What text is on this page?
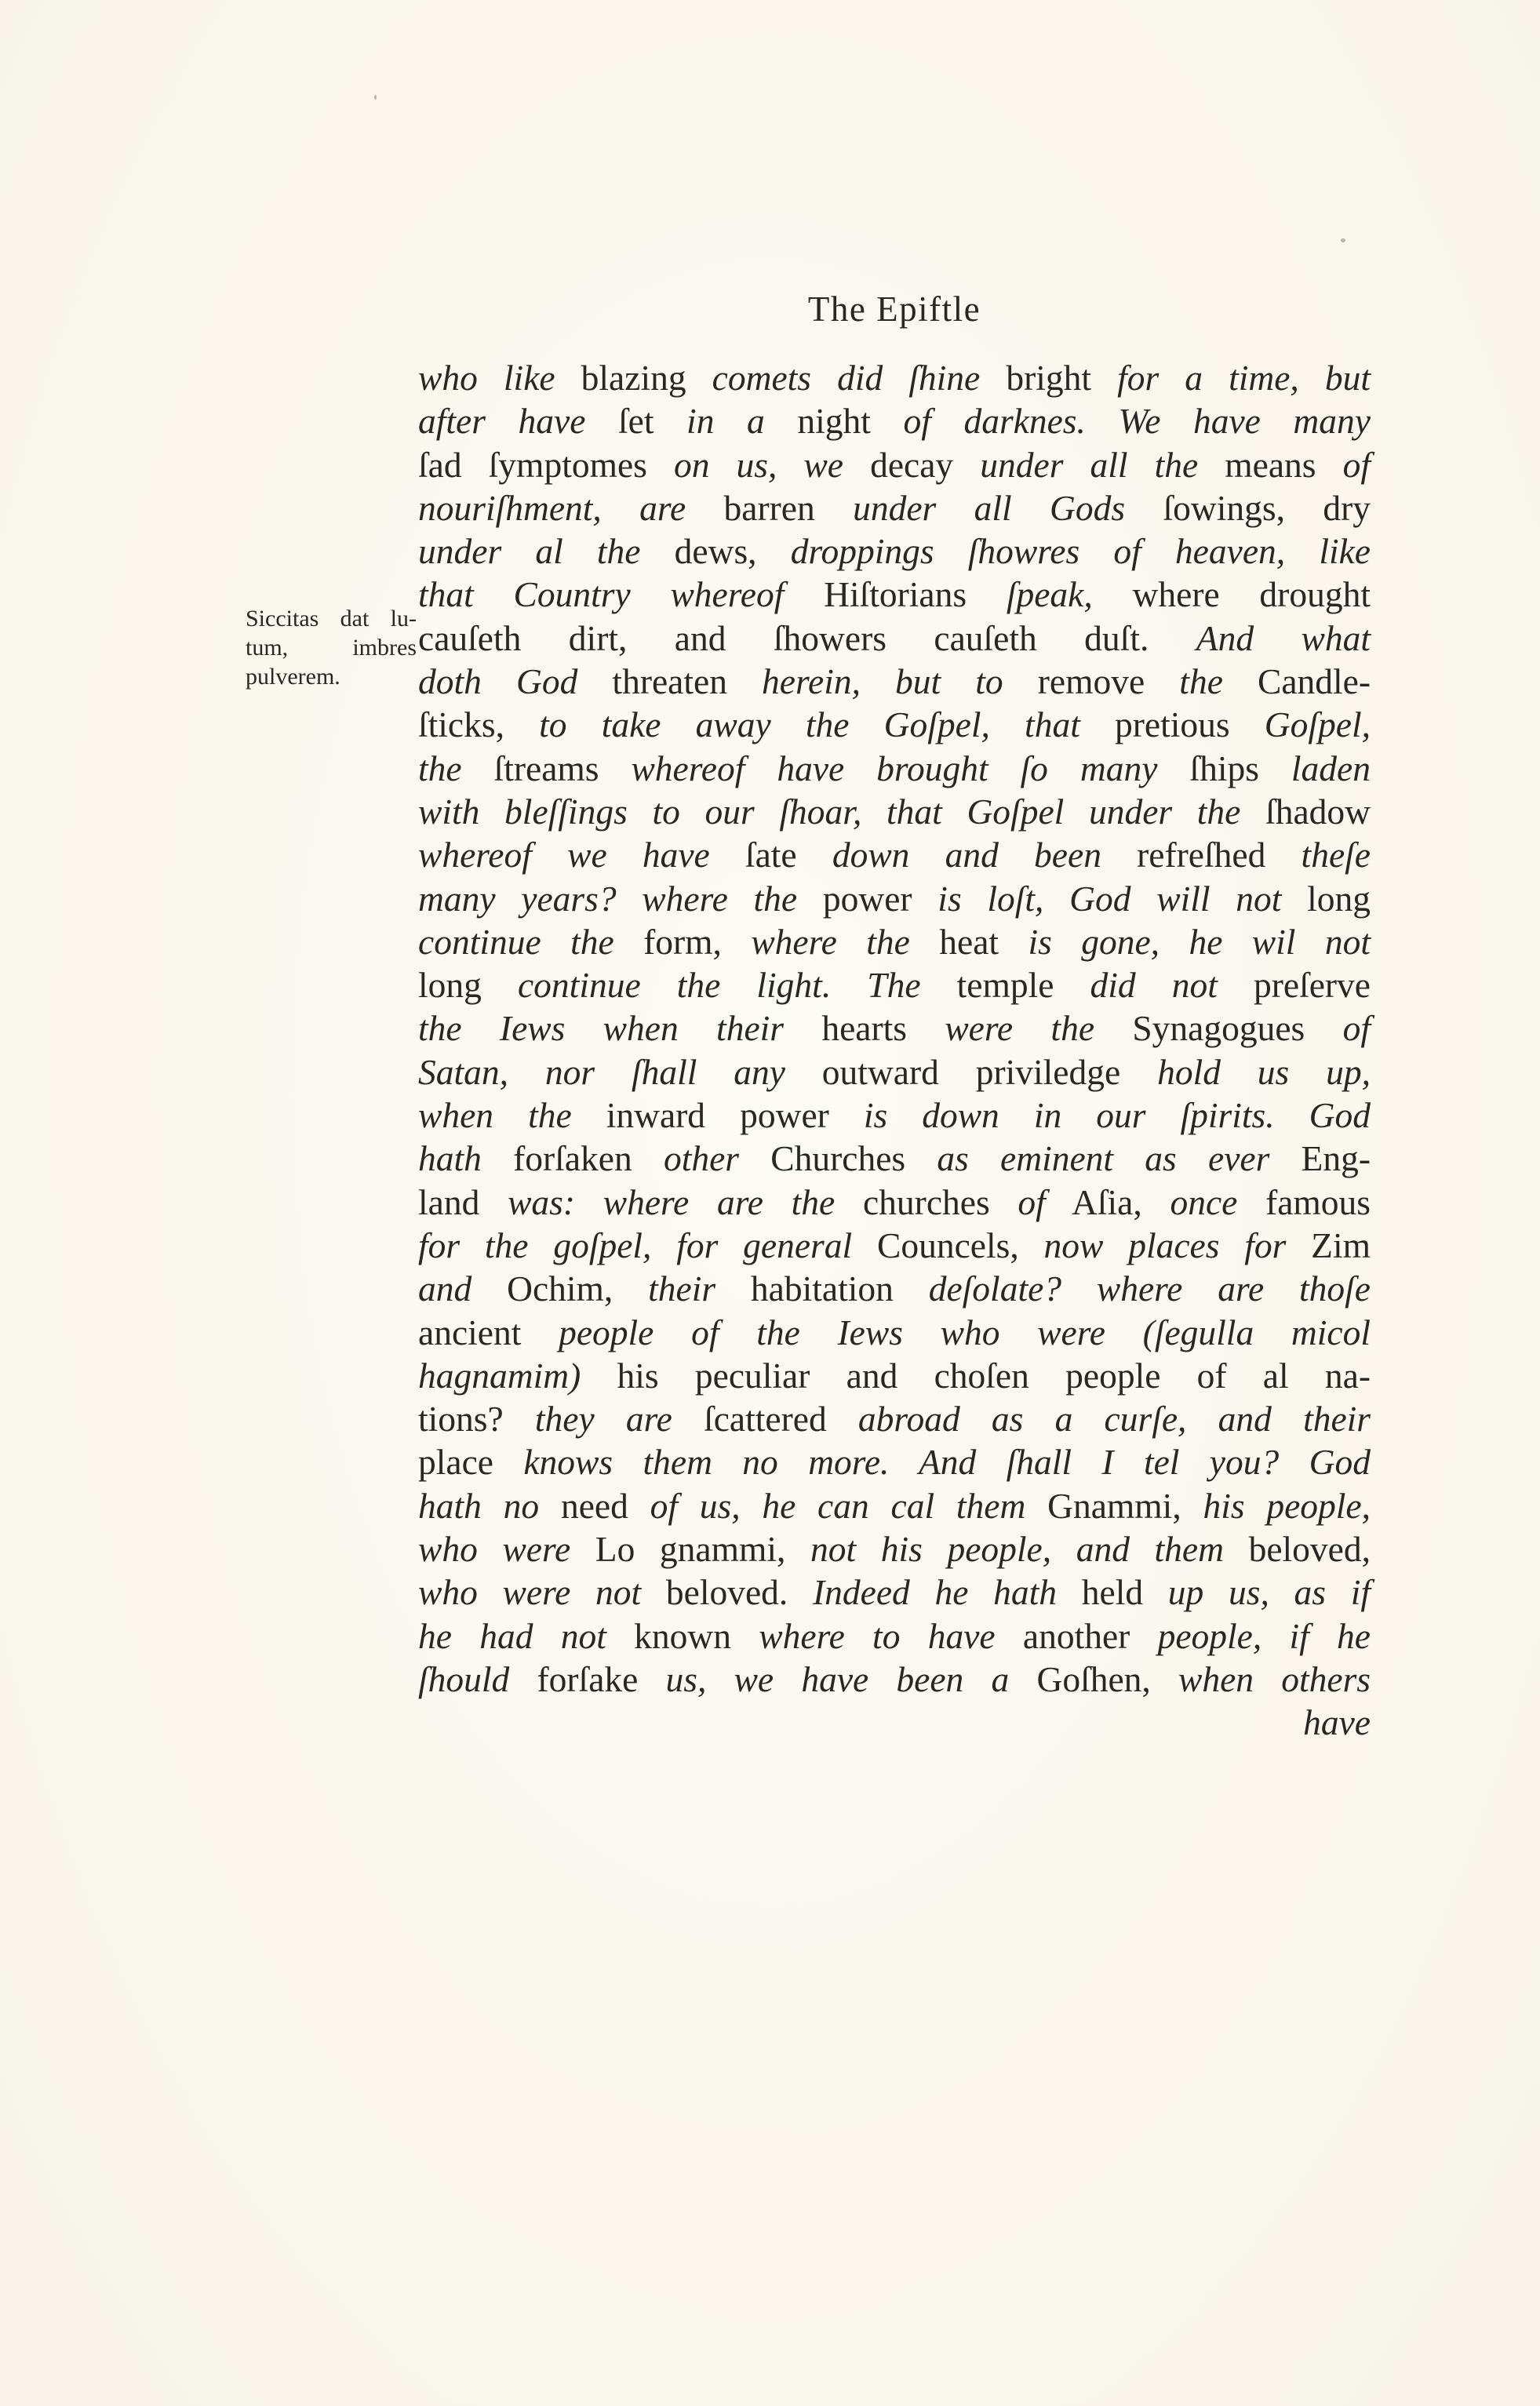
The Epiftle
Siccitas dat lu-
tum, imbres
pulverem.
who like blazing comets did ſhine bright for a time, but
after have ſet in a night of darknes. We have many
ſad ſymptomes on us, we decay under all the means of
nouriſhment, are barren under all Gods ſowings, dry
under al the dews, droppings ſhowres of heaven, like
that Country whereof Hiſtorians ſpeak, where drought
cauſeth dirt, and ſhowers cauſeth duſt. And what
doth God threaten herein, but to remove the Candle-
ſticks, to take away the Goſpel, that pretious Goſpel,
the ſtreams whereof have brought ſo many ſhips laden
with bleſſings to our ſhoar, that Goſpel under the ſhadow
whereof we have ſate down and been refreſhed theſe
many years? where the power is loſt, God will not long
continue the form, where the heat is gone, he wil not
long continue the light. The temple did not preſerve
the Iews when their hearts were the Synagogues of
Satan, nor ſhall any outward priviledge hold us up,
when the inward power is down in our ſpirits. God
hath forſaken other Churches as eminent as ever Eng-
land was: where are the churches of Aſia, once famous
for the goſpel, for general Councels, now places for Zim
and Ochim, their habitation deſolate? where are thoſe
ancient people of the Iews who were (ſegulla micol
hagnamim) his peculiar and choſen people of al na-
tions? they are ſcattered abroad as a curſe, and their
place knows them no more. And ſhall I tel you? God
hath no need of us, he can cal them Gnammi, his people,
who were Lo gnammi, not his people, and them beloved,
who were not beloved. Indeed he hath held up us, as if
he had not known where to have another people, if he
ſhould forſake us, we have been a Goſhen, when others
have
